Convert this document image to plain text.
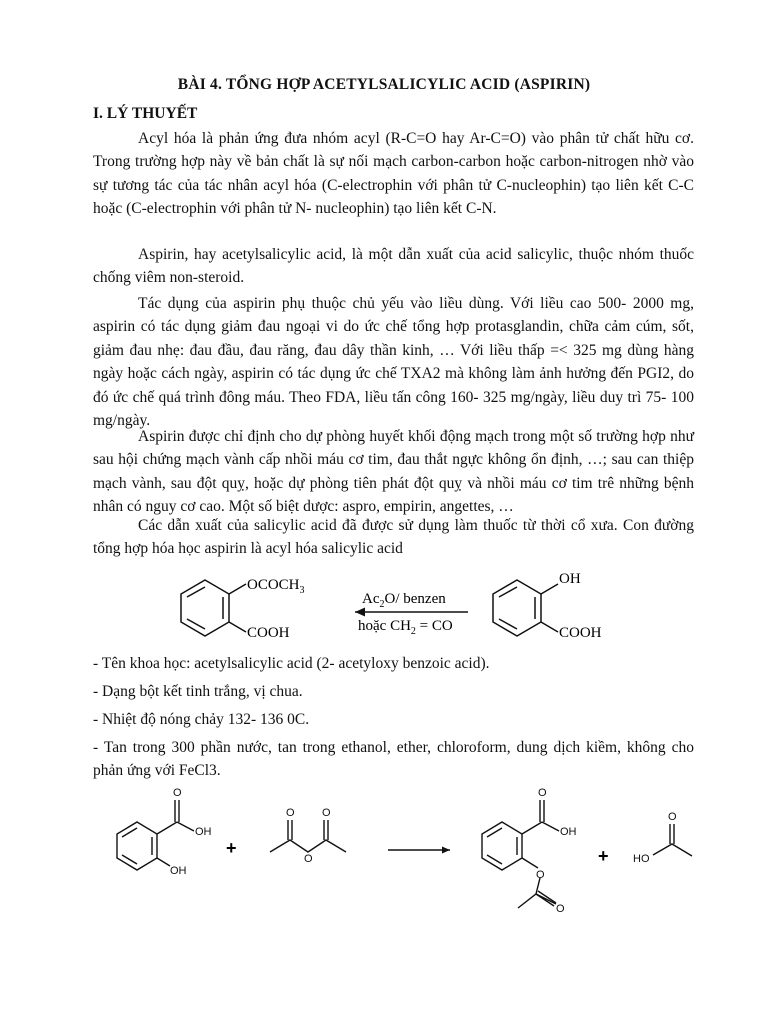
BÀI 4. TỔNG HỢP ACETYLSALICYLIC ACID (ASPIRIN)
I. LÝ THUYẾT

Acyl hóa là phản ứng đưa nhóm acyl (R-C=O hay Ar-C=O) vào phân tử chất hữu cơ. Trong trường hợp này về bản chất là sự nối mạch carbon-carbon hoặc carbon-nitrogen nhờ vào sự tương tác của tác nhân acyl hóa (C-electrophin với phân tử C-nucleophin) tạo liên kết C-C hoặc (C-electrophin với phân tử N- nucleophin) tạo liên kết C-N.

Aspirin, hay acetylsalicylic acid, là một dẫn xuất của acid salicylic, thuộc nhóm thuốc chống viêm non-steroid.

Tác dụng của aspirin phụ thuộc chủ yếu vào liều dùng. Với liều cao 500- 2000 mg, aspirin có tác dụng giảm đau ngoại vi do ức chế tổng hợp protasglandin, chữa cảm cúm, sốt, giảm đau nhẹ: đau đầu, đau răng, đau dây thần kinh, … Với liều thấp =< 325 mg dùng hàng ngày hoặc cách ngày, aspirin có tác dụng ức chế TXA2 mà không làm ảnh hưởng đến PGI2, do đó ức chế quá trình đông máu. Theo FDA, liều tấn công 160- 325 mg/ngày, liều duy trì 75- 100 mg/ngày.

Aspirin được chỉ định cho dự phòng huyết khối động mạch trong một số trường hợp như sau hội chứng mạch vành cấp nhồi máu cơ tim, đau thắt ngực không ổn định, …; sau can thiệp mạch vành, sau đột quỵ, hoặc dự phòng tiên phát đột quỵ và nhồi máu cơ tim trê những bệnh nhân có nguy cơ cao. Một số biệt dược: aspro, empirin, angettes, …

Các dẫn xuất của salicylic acid đã được sử dụng làm thuốc từ thời cổ xưa. Con đường tổng hợp hóa học aspirin là acyl hóa salicylic acid

$OCOCH_3$
COOH
$Ac_2O/$ benzen
hoặc $CH_2$ = CO
OH
COOH

- Tên khoa học: acetylsalicylic acid (2- acetyloxy benzoic acid).

- Dạng bột kết tinh trắng, vị chua.

- Nhiệt độ nóng chảy 132- 136 0C.

- Tan trong 300 phần nước, tan trong ethanol, ether, chloroform, dung dịch kiềm, không cho phản ứng với FeCl3.

O
OH
OH
O
O
O
O
OH
O
O
O
HO
+	+
